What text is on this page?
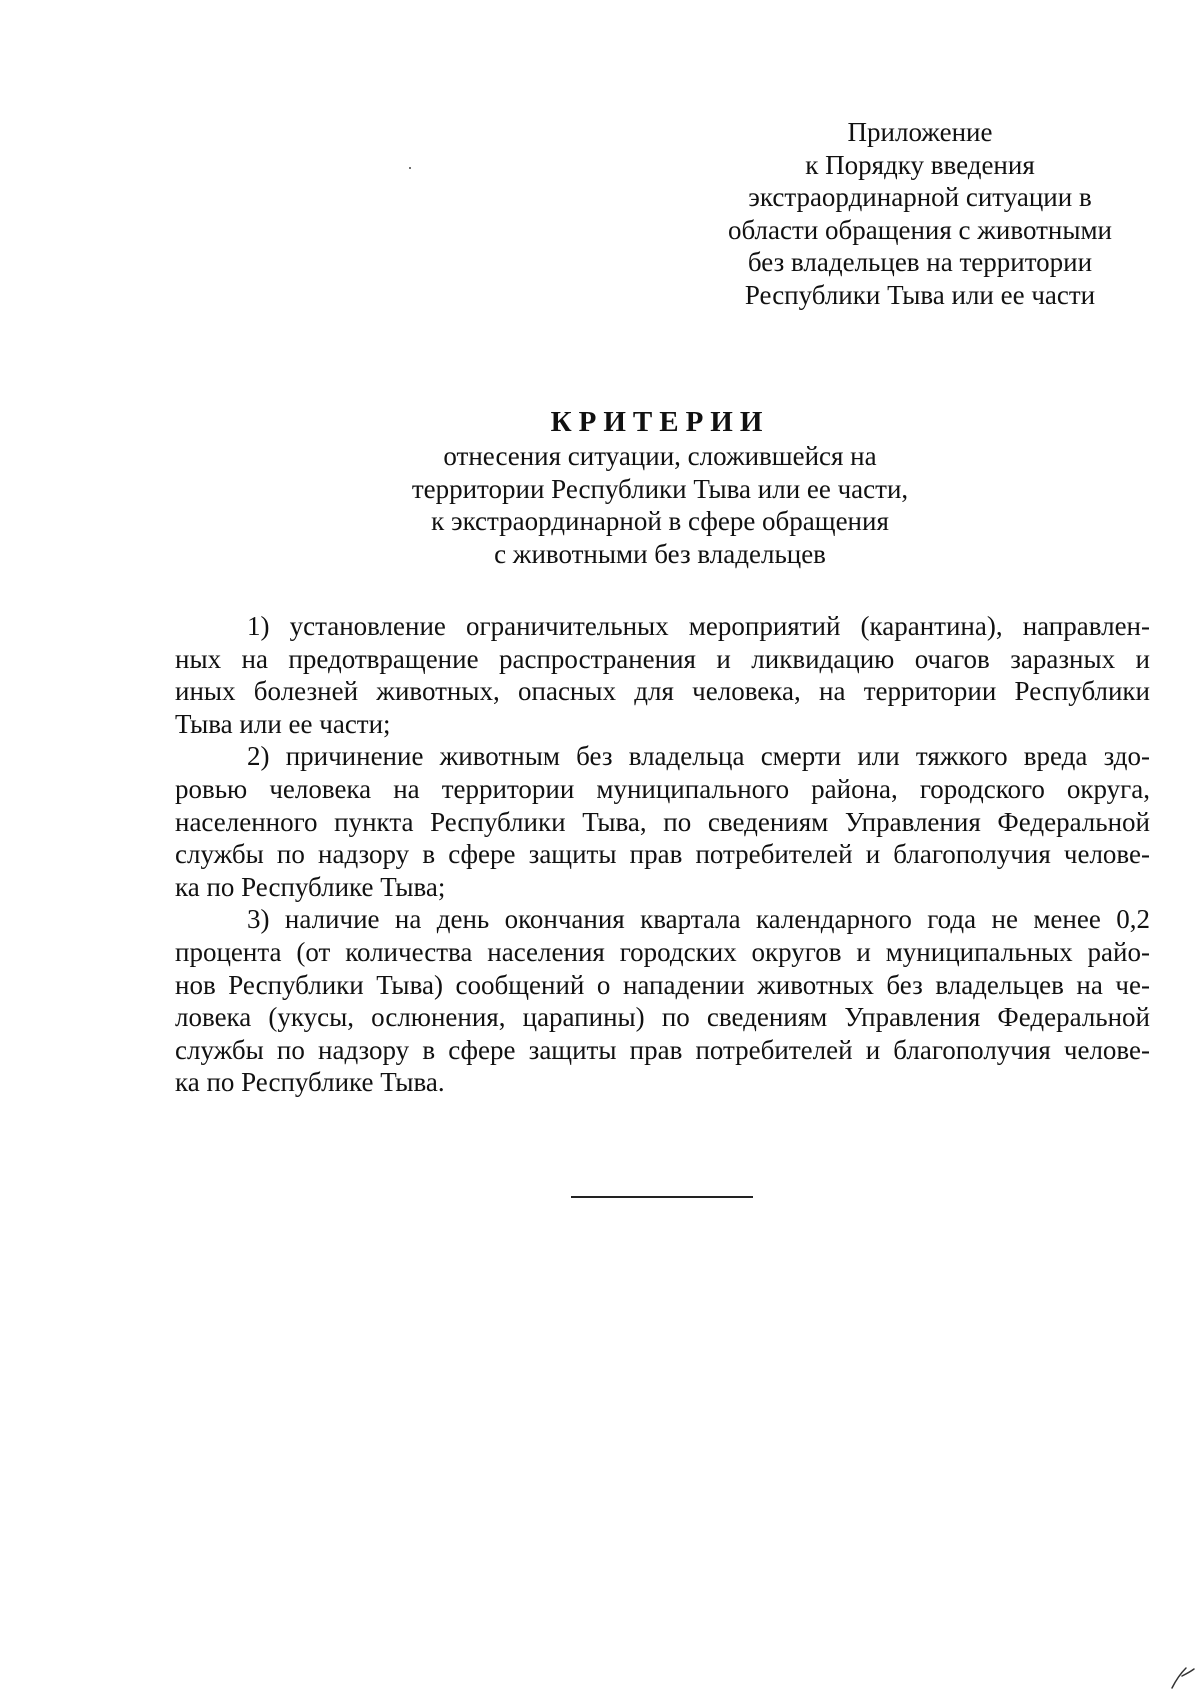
Приложение
к Порядку введения
экстраординарной ситуации в
области обращения с животными
без владельцев на территории
Республики Тыва или ее части
КРИТЕРИИ
отнесения ситуации, сложившейся на
территории Республики Тыва или ее части,
к экстраординарной в сфере обращения
с животными без владельцев
1) установление ограничительных мероприятий (карантина), направлен-
ных на предотвращение распространения и ликвидацию очагов заразных и
иных болезней животных, опасных для человека, на территории Республики
Тыва или ее части;
2) причинение животным без владельца смерти или тяжкого вреда здо-
ровью человека на территории муниципального района, городского округа,
населенного пункта Республики Тыва, по сведениям Управления Федеральной
службы по надзору в сфере защиты прав потребителей и благополучия челове-
ка по Республике Тыва;
3) наличие на день окончания квартала календарного года не менее 0,2
процента (от количества населения городских округов и муниципальных райо-
нов Республики Тыва) сообщений о нападении животных без владельцев на че-
ловека (укусы, ослюнения, царапины) по сведениям Управления Федеральной
службы по надзору в сфере защиты прав потребителей и благополучия челове-
ка по Республике Тыва.
